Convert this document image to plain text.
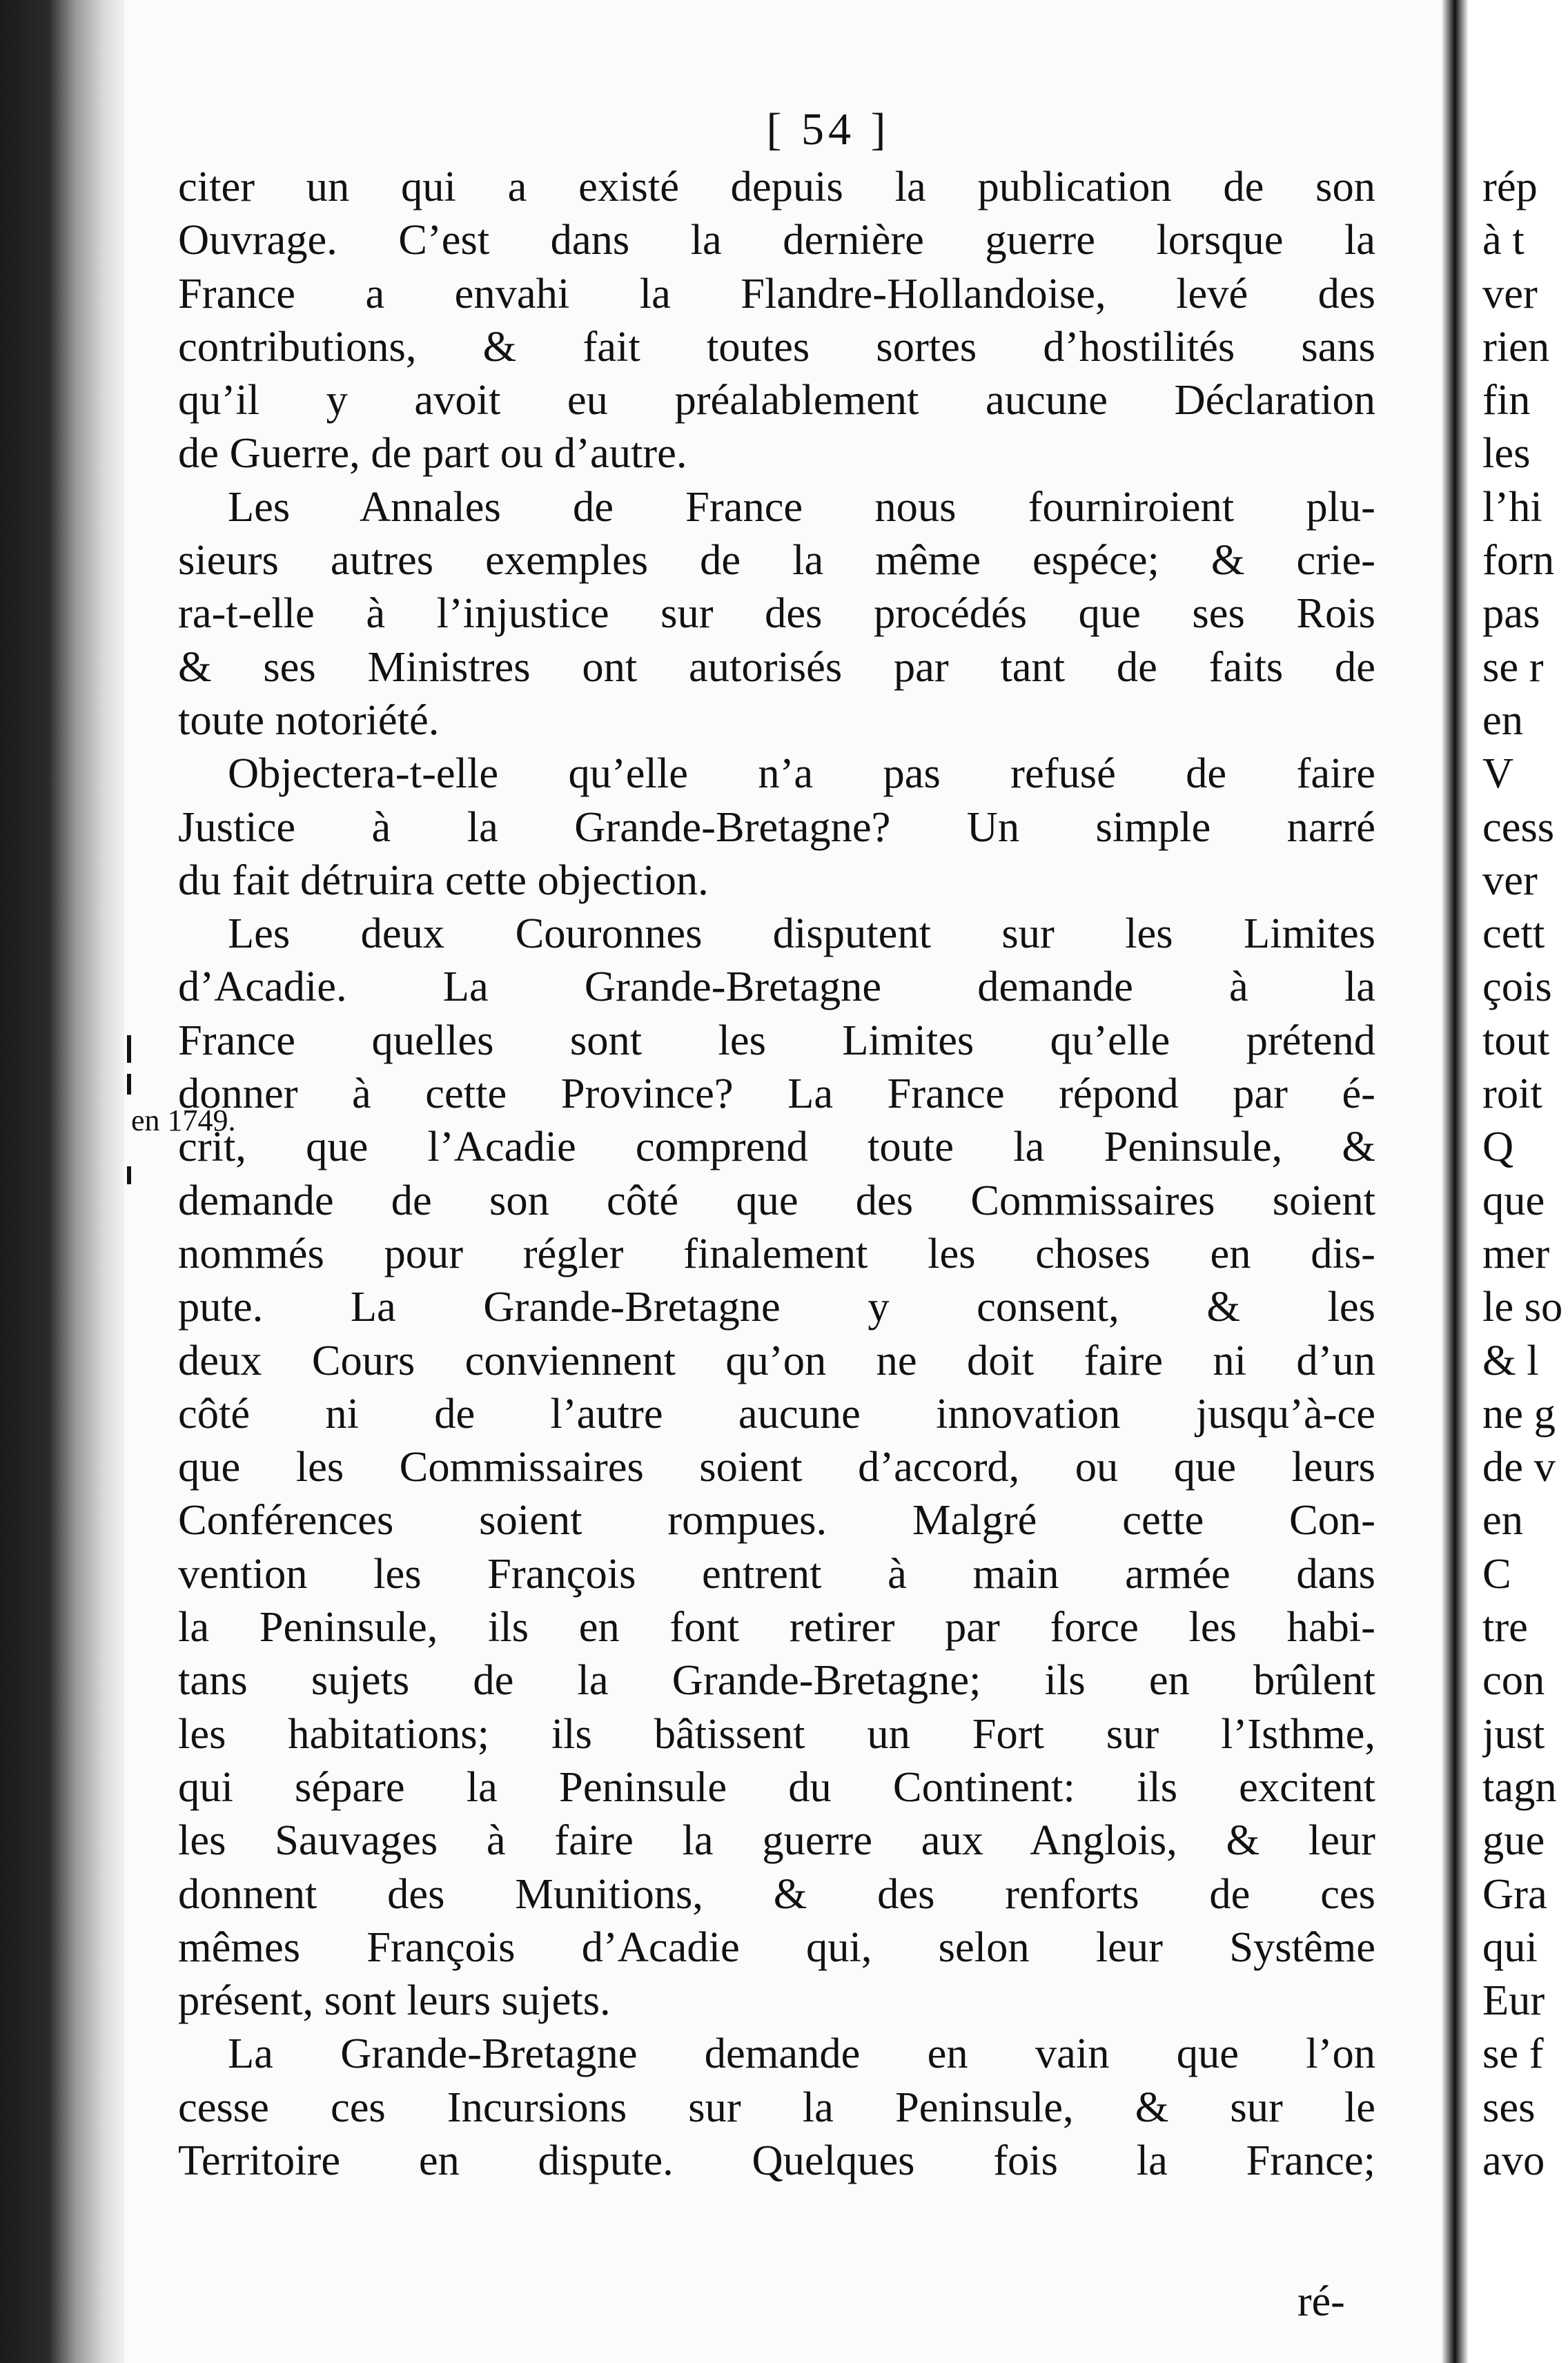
[ 54 ]
citer un qui a existé depuis la publication de son
Ouvrage. C’est dans la dernière guerre lorsque la
France a envahi la Flandre-Hollandoise, levé des
contributions, & fait toutes sortes d’hostilités sans
qu’il y avoit eu préalablement aucune Déclaration
de Guerre, de part ou d’autre.
Les Annales de France nous fourniroient plu-
sieurs autres exemples de la même espéce; & crie-
ra-t-elle à l’injustice sur des procédés que ses Rois
& ses Ministres ont autorisés par tant de faits de
toute notoriété.
Objectera-t-elle qu’elle n’a pas refusé de faire
Justice à la Grande-Bretagne? Un simple narré
du fait détruira cette objection.
Les deux Couronnes disputent sur les Limites
d’Acadie. La Grande-Bretagne demande à la
France quelles sont les Limites qu’elle prétend
donner à cette Province? La France répond par é-
crit, que l’Acadie comprend toute la Peninsule, &
demande de son côté que des Commissaires soient
nommés pour régler finalement les choses en dis-
pute. La Grande-Bretagne y consent, & les
deux Cours conviennent qu’on ne doit faire ni d’un
côté ni de l’autre aucune innovation jusqu’à-ce
que les Commissaires soient d’accord, ou que leurs
Conférences soient rompues. Malgré cette Con-
vention les François entrent à main armée dans
la Peninsule, ils en font retirer par force les habi-
tans sujets de la Grande-Bretagne; ils en brûlent
les habitations; ils bâtissent un Fort sur l’Isthme,
qui sépare la Peninsule du Continent: ils excitent
les Sauvages à faire la guerre aux Anglois, & leur
donnent des Munitions, & des renforts de ces
mêmes François d’Acadie qui, selon leur Systême
présent, sont leurs sujets.
La Grande-Bretagne demande en vain que l’on
cesse ces Incursions sur la Peninsule, & sur le
Territoire en dispute. Quelques fois la France;
en 1749.
ré-
rép
à t
ver
rien
fin
les
l’hi
forn
pas
se r
en
V
cess
ver
cett
çois
tout
roit
Q
que
mer
le so
& l
ne g
de v
en
C
tre
con
just
tagn
gue
Gra
qui
Eur
se f
ses
avo
